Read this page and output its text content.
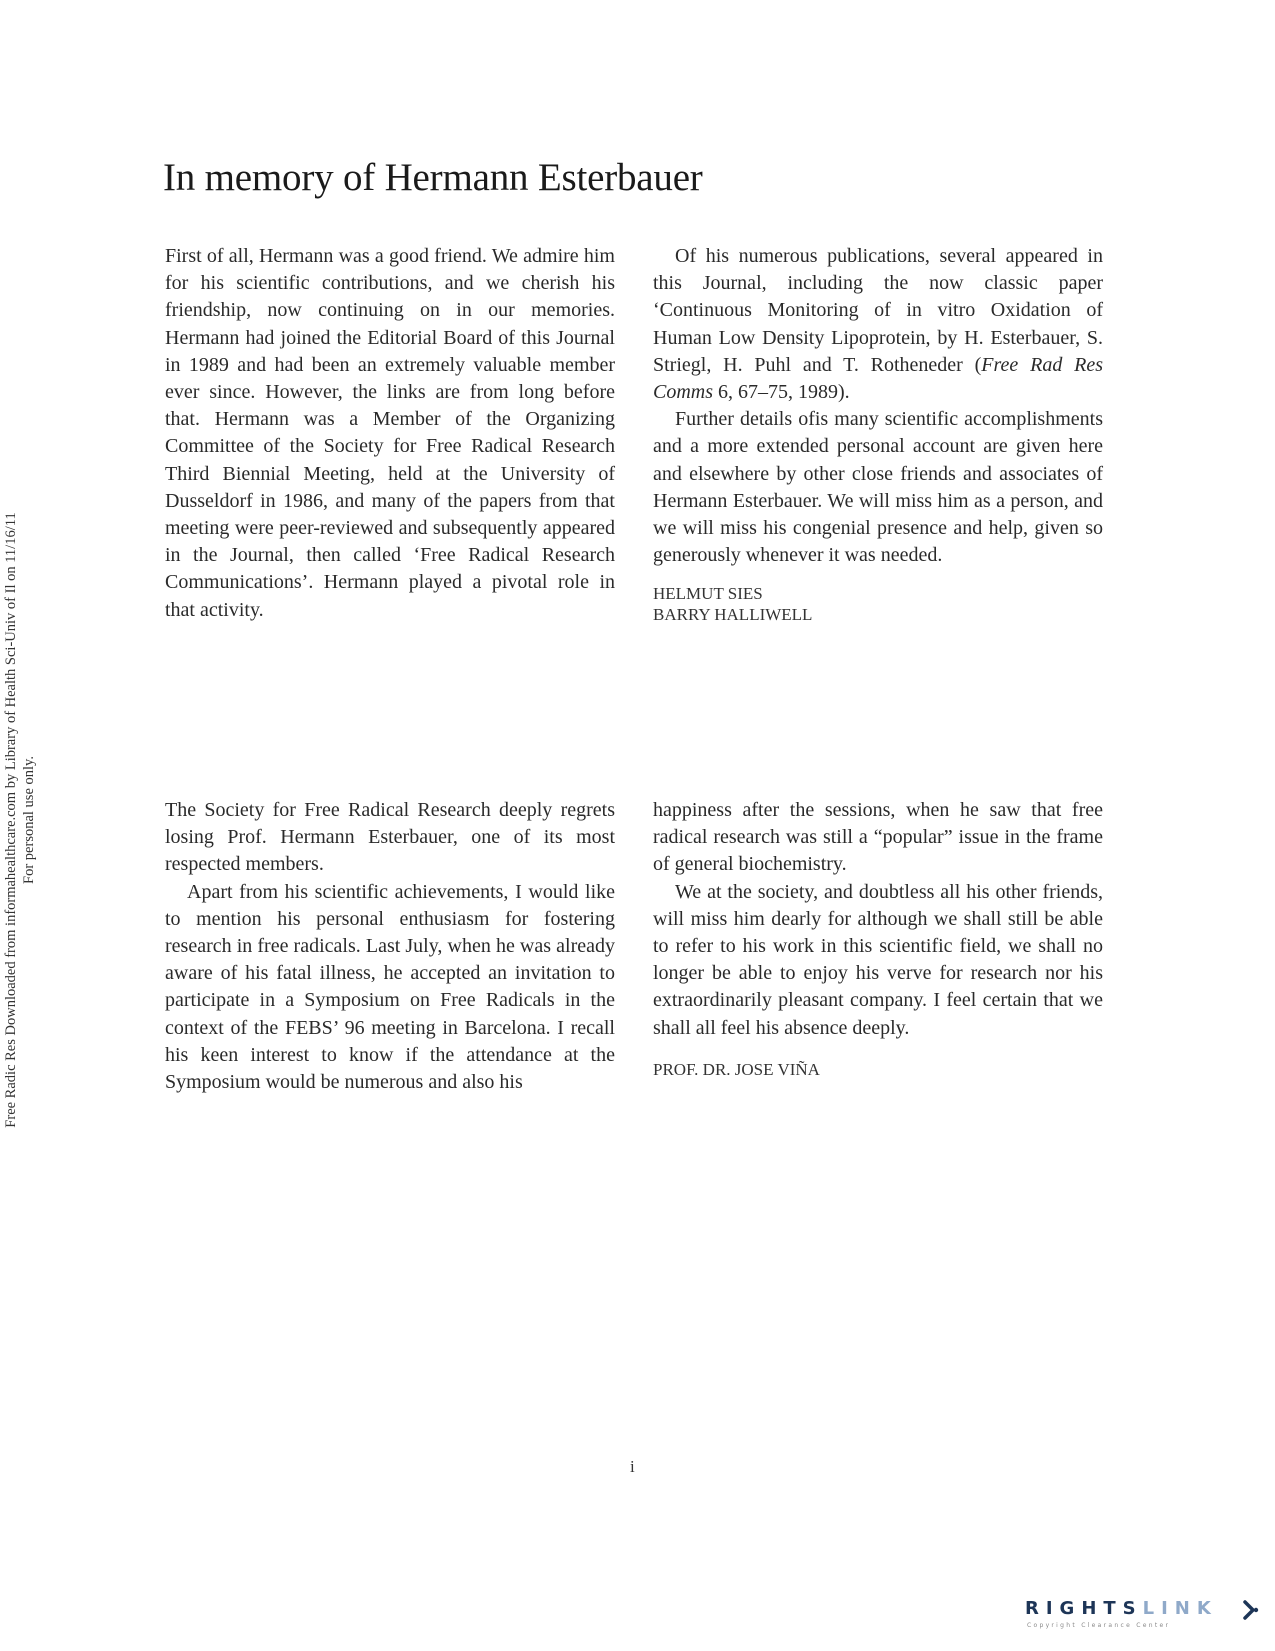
In memory of Hermann Esterbauer

First of all, Hermann was a good friend. We admire him for his scientific contributions, and we cherish his friendship, now continuing on in our memories. Hermann had joined the Editorial Board of this Journal in 1989 and had been an extremely valuable member ever since. However, the links are from long before that. Hermann was a Member of the Organizing Committee of the Society for Free Radical Research Third Biennial Meeting, held at the University of Dusseldorf in 1986, and many of the papers from that meeting were peer-reviewed and subsequently appeared in the Journal, then called ‘Free Radical Research Communications’. Hermann played a pivotal role in that activity.

Of his numerous publications, several appeared in this Journal, including the now classic paper ‘Continuous Monitoring of in vitro Oxidation of Human Low Density Lipoprotein, by H. Esterbauer, S. Striegl, H. Puhl and T. Rotheneder (Free Rad Res Comms 6, 67–75, 1989).

Further details ofis many scientific accomplishments and a more extended personal account are given here and elsewhere by other close friends and associates of Hermann Esterbauer. We will miss him as a person, and we will miss his congenial presence and help, given so generously whenever it was needed.

HELMUT SIES
BARRY HALLIWELL

The Society for Free Radical Research deeply regrets losing Prof. Hermann Esterbauer, one of its most respected members.

Apart from his scientific achievements, I would like to mention his personal enthusiasm for fostering research in free radicals. Last July, when he was already aware of his fatal illness, he accepted an invitation to participate in a Symposium on Free Radicals in the context of the FEBS’ 96 meeting in Barcelona. I recall his keen interest to know if the attendance at the Symposium would be numerous and also his

happiness after the sessions, when he saw that free radical research was still a “popular” issue in the frame of general biochemistry.

We at the society, and doubtless all his other friends, will miss him dearly for although we shall still be able to refer to his work in this scientific field, we shall no longer be able to enjoy his verve for research nor his extraordinarily pleasant company. I feel certain that we shall all feel his absence deeply.

PROF. DR. JOSE VIÑA
Free Radic Res Downloaded from informahealthcare.com by Library of Health Sci-Univ of Il on 11/16/11 For personal use only.
i
RIGHTSLINK
Copyright Clearance Center
